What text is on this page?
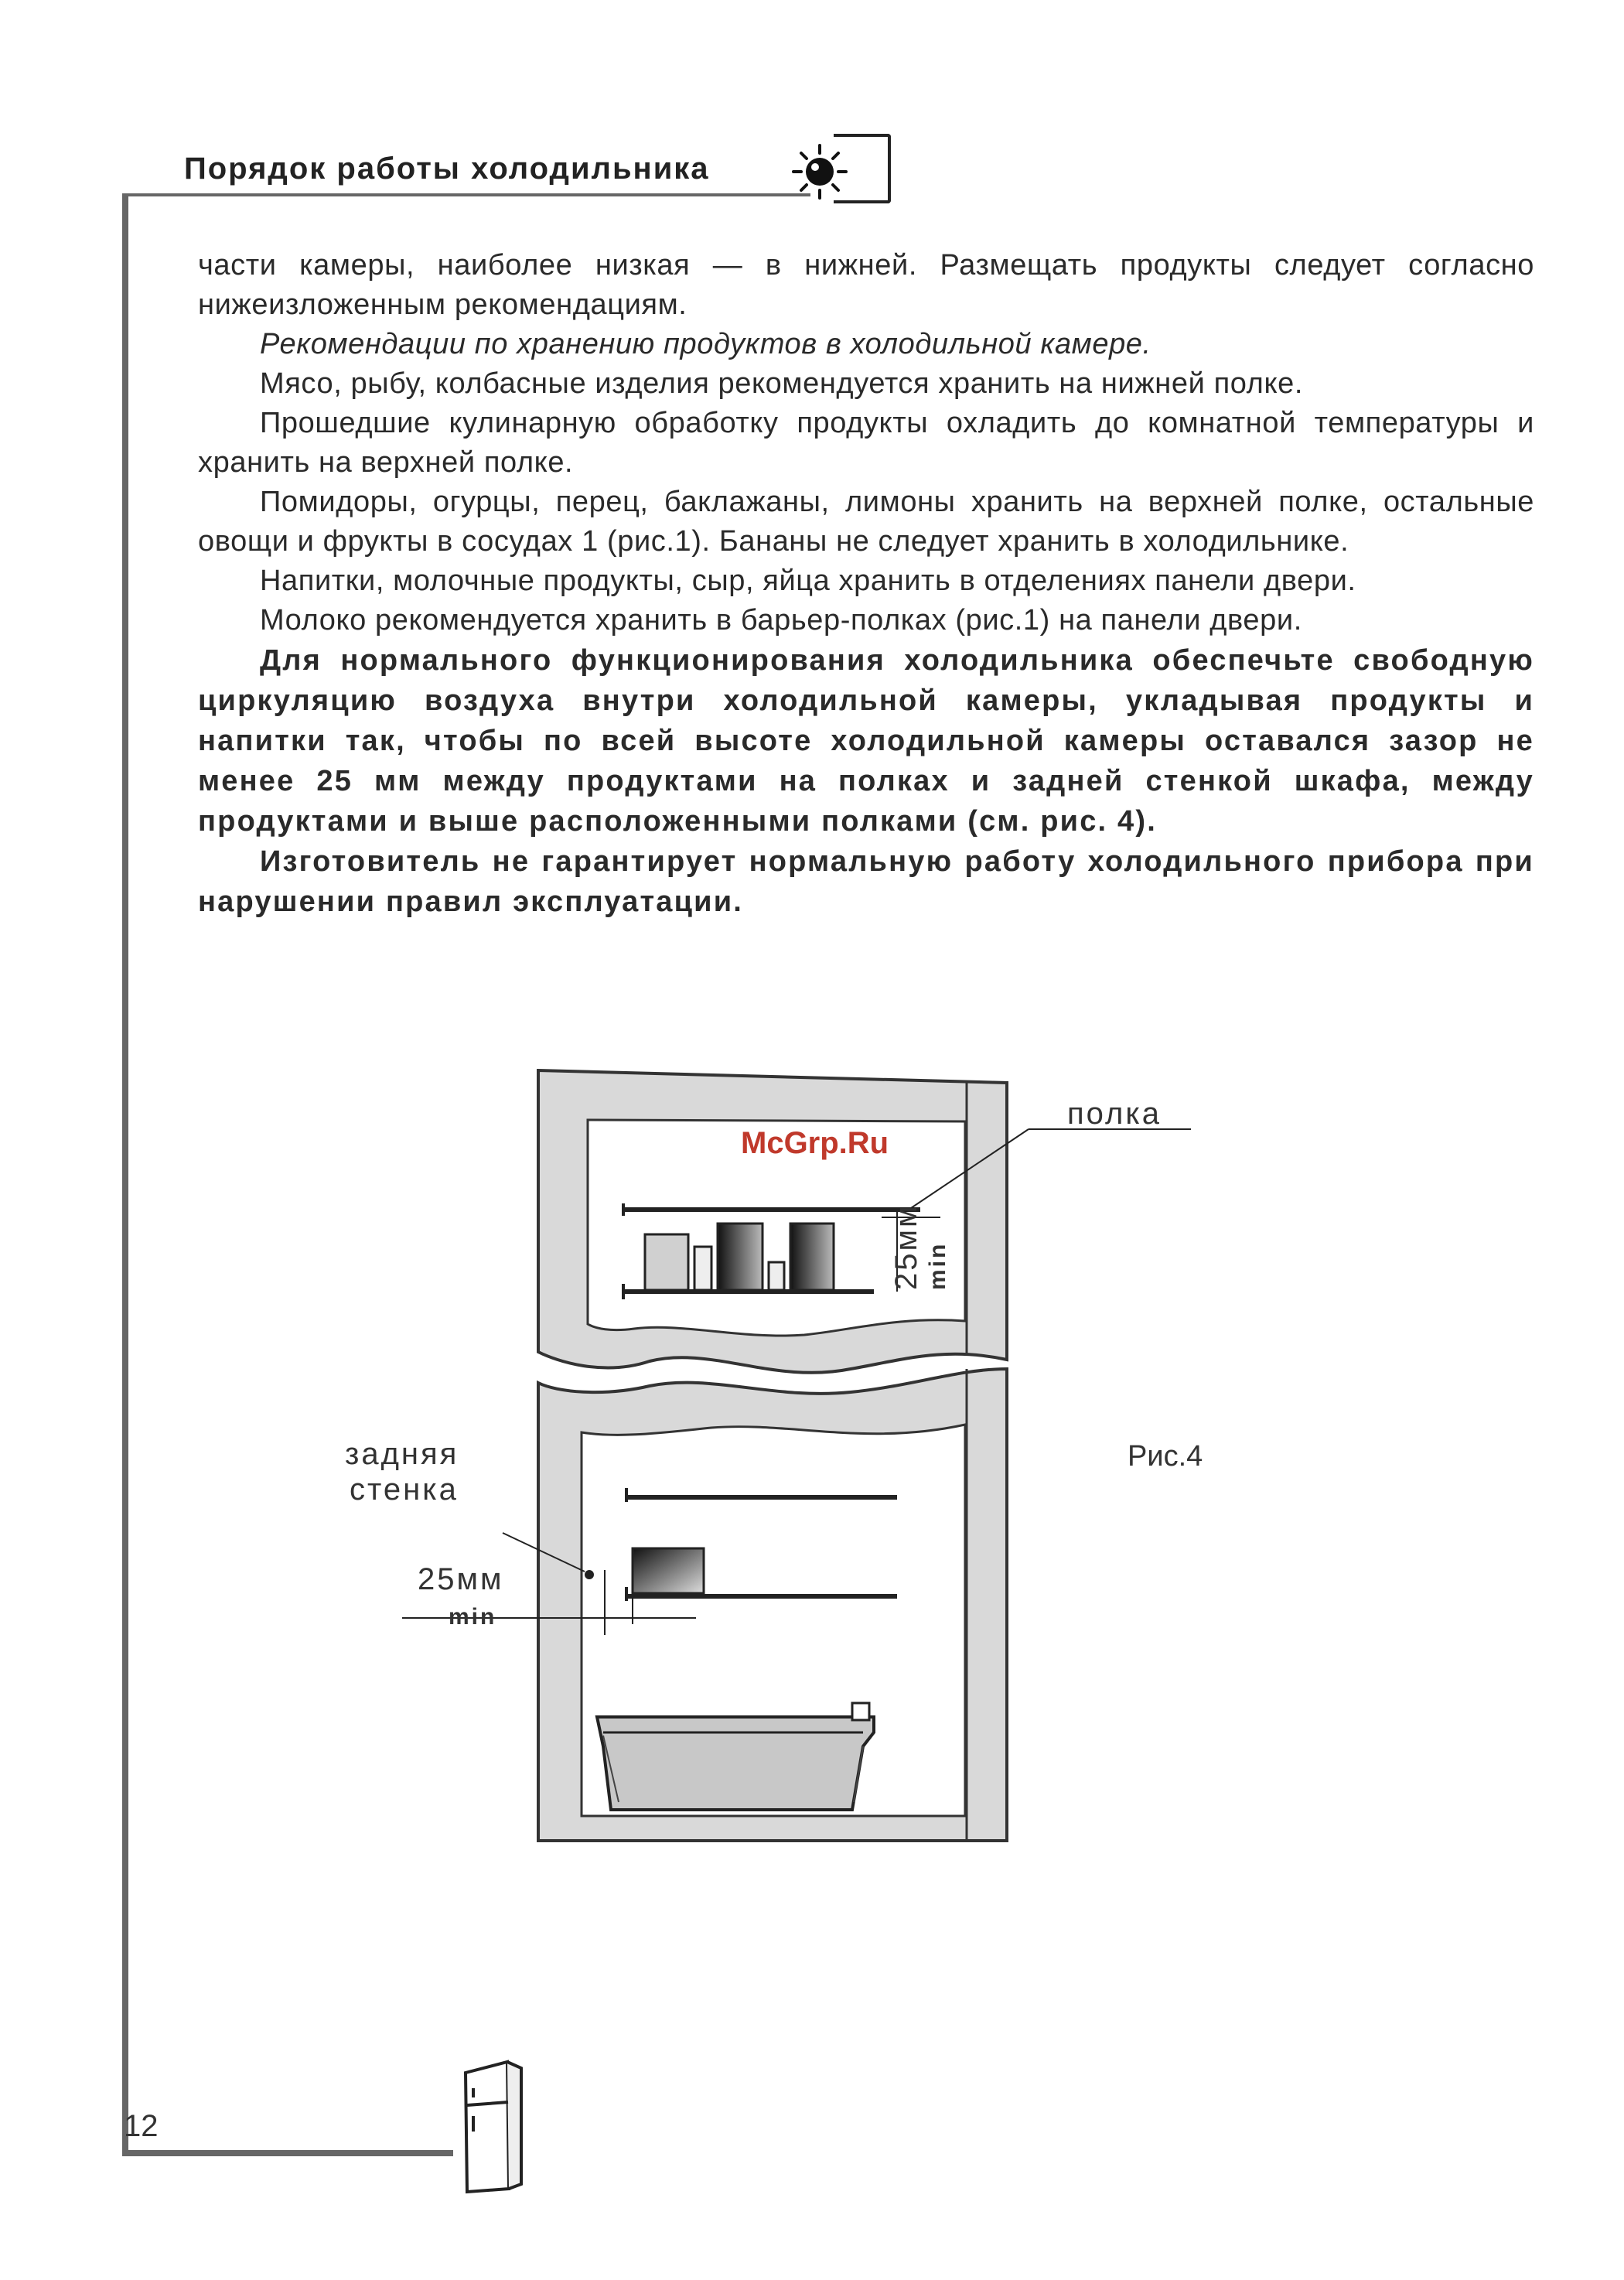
Порядок работы холодильника
12

части камеры, наиболее низкая — в нижней. Размещать продукты следует согласно нижеизложенным рекомендациям.

Рекомендации по хранению продуктов в холодильной камере.

Мясо, рыбу, колбасные изделия рекомендуется хранить на нижней полке.

Прошедшие кулинарную обработку продукты охладить до комнатной температуры и хранить на верхней полке.

Помидоры, огурцы, перец, баклажаны, лимоны хранить на верхней полке, остальные овощи и фрукты в сосудах 1 (рис.1). Бананы не следует хранить в холодильнике.

Напитки, молочные продукты, сыр, яйца хранить в отделениях панели двери.

Молоко рекомендуется хранить в барьер-полках (рис.1) на панели двери.

Для нормального функционирования холодильника обеспечьте свободную циркуляцию воздуха внутри холодильной камеры, укладывая продукты и напитки так, чтобы по всей высоте холодильной камеры оставался зазор не менее 25 мм между продуктами на полках и задней стенкой шкафа, между продуктами и выше расположенными полками (см. рис. 4).

Изготовитель не гарантирует нормальную работу холодильного прибора при нарушении правил эксплуатации.

полка
задняя
стенка
25мм min
25мм
min
Рис.4
McGrp.Ru
